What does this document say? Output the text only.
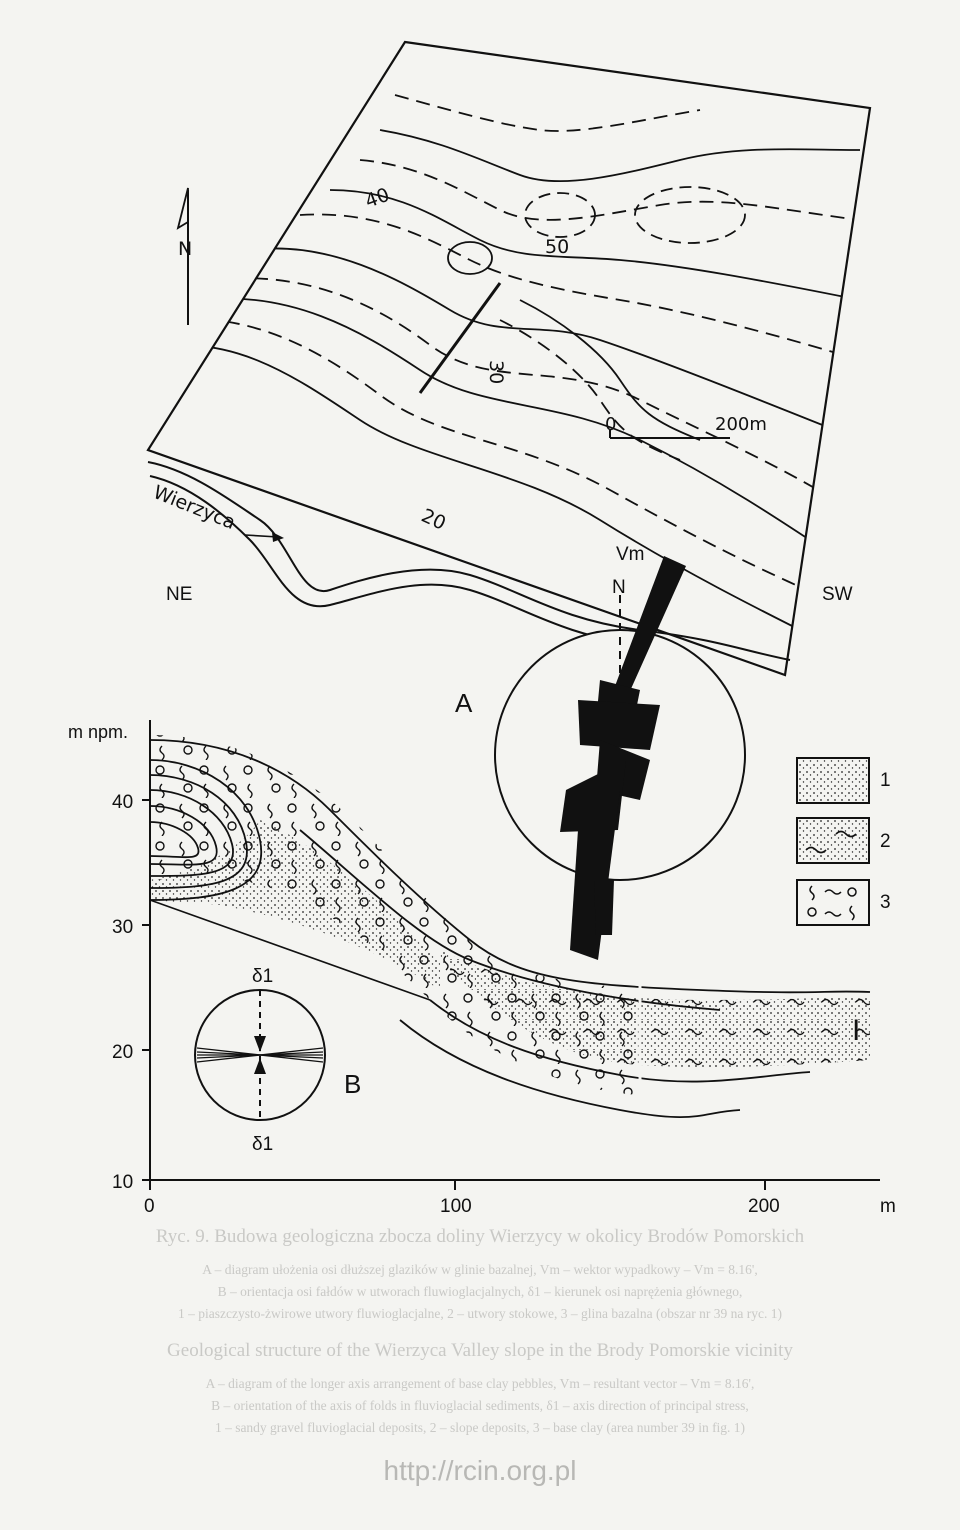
40
50
30
20
Wierzyca
0	200m
N
m npm.
40
30
20
10
0	100	200	m
I
NE	SW
Vm
N
A
δ1
δ1
B
1
2
3
Ryc. 9. Budowa geologiczna zbocza doliny Wierzycy w okolicy Brodów Pomorskich
A – diagram ułożenia osi dłuższej glazików w glinie bazalnej, Vm – wektor wypadkowy – Vm = 8.16',
B – orientacja osi fałdów w utworach fluwioglacjalnych, δ1 – kierunek osi naprężenia głównego,
1 – piaszczysto-żwirowe utwory fluwioglacjalne, 2 – utwory stokowe, 3 – glina bazalna (obszar nr 39 na ryc. 1)
Geological structure of the Wierzyca Valley slope in the Brody Pomorskie vicinity
A – diagram of the longer axis arrangement of base clay pebbles, Vm – resultant vector – Vm = 8.16',
B – orientation of the axis of folds in fluvioglacial sediments, δ1 – axis direction of principal stress,
1 – sandy gravel fluvioglacial deposits, 2 – slope deposits, 3 – base clay (area number 39 in fig. 1)
http://rcin.org.pl
